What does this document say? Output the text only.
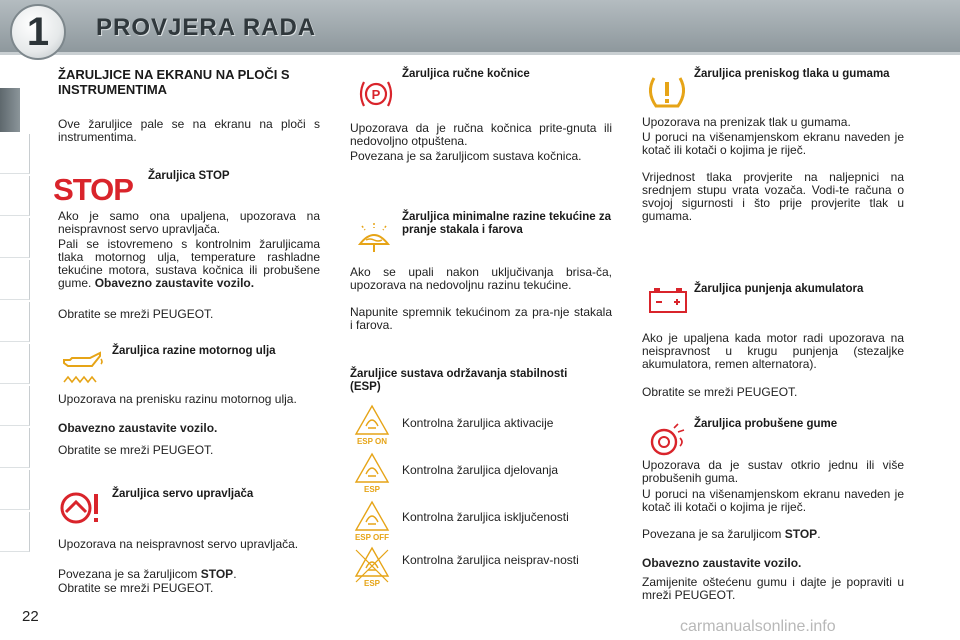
1	PROVJERA RADA
ŽARULJICE NA EKRANU NA PLOČI S INSTRUMENTIMA

Ove žaruljice pale se na ekranu na ploči s instrumentima.

STOP Žaruljica STOP

Ako je samo ona upaljena, upozorava na neispravnost servo upravljača.

Pali se istovremeno s kontrolnim žaruljicama tlaka motornog ulja, temperature rashladne tekućine motora, sustava kočnica ili probušene gume. Obavezno zaustavite vozilo.

Obratite se mreži PEUGEOT.

Žaruljica razine motornog ulja

Upozorava na prenisku razinu motornog ulja.

Obavezno zaustavite vozilo.

Obratite se mreži PEUGEOT.

Žaruljica servo upravljača

Upozorava na neispravnost servo upravljača.

Povezana je sa žaruljicom STOP.

Obratite se mreži PEUGEOT.

P
Žaruljica ručne kočnice

Upozorava da je ručna kočnica prite-gnuta ili nedovoljno otpuštena.

Povezana je sa žaruljicom sustava kočnica.

Žaruljica minimalne razine tekućine za pranje stakala i farova

Ako se upali nakon uključivanja brisa-ča, upozorava na nedovoljnu razinu tekućine.

Napunite spremnik tekućinom za pra-nje stakala i farova.

Žaruljice sustava održavanja stabilnosti (ESP)
ESP ON
Kontrolna žaruljica aktivacije
ESP
Kontrolna žaruljica djelovanja
ESP OFF
Kontrolna žaruljica isključenosti
ESP
Kontrolna žaruljica neisprav-nosti
Žaruljica preniskog tlaka u gumama

Upozorava na prenizak tlak u gumama.

U poruci na višenamjenskom ekranu naveden je kotač ili kotači o kojima je riječ.

Vrijednost tlaka provjerite na naljepnici na srednjem stupu vrata vozača. Vodi-te računa o svojoj sigurnosti i što prije provjerite tlak u gumama.

Žaruljica punjenja akumulatora

Ako je upaljena kada motor radi upozorava na neispravnost u krugu punjenja (stezaljke akumulatora, remen alternatora).

Obratite se mreži PEUGEOT.

Žaruljica probušene gume

Upozorava da je sustav otkrio jednu ili više probušenih guma.

U poruci na višenamjenskom ekranu naveden je kotač ili kotači o kojima je riječ.

Povezana je sa žaruljicom STOP.

Obavezno zaustavite vozilo.

Zamijenite oštećenu gumu i dajte je popraviti u mreži PEUGEOT.

22
carmanualsonline.info
